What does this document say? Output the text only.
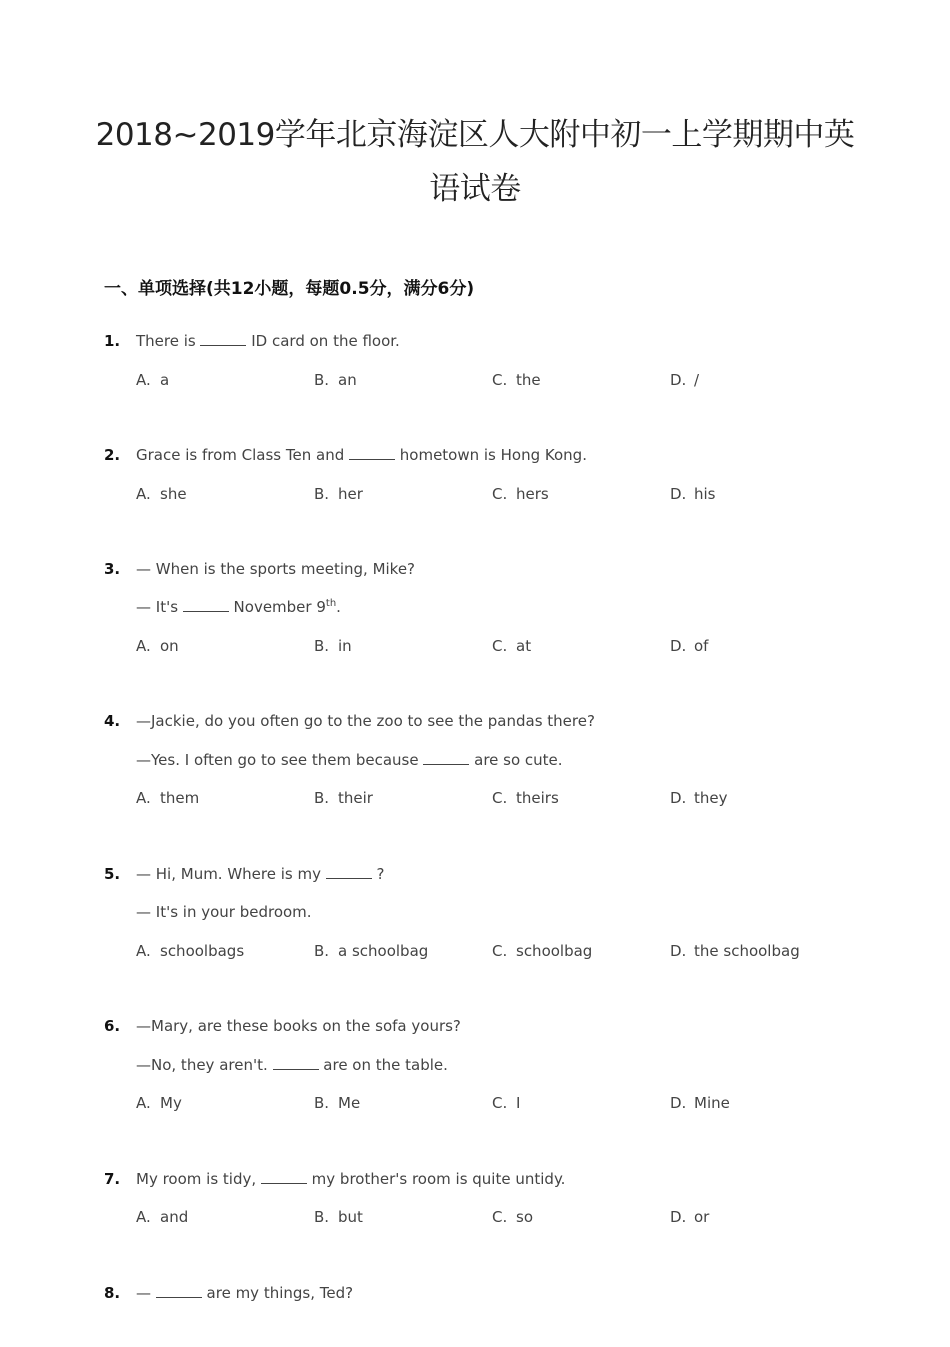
2018~2019学年北京海淀区人大附中初一上学期期中英
语试卷
一、单项选择(共12小题，每题0.5分，满分6分)
1. There is	ID card on the floor.
A. a	B. an	C. the	D. /
2. Grace is from Class Ten and	hometown is Hong Kong.
A. she	B. her	C. hers	D. his
3. — When is the sports meeting, Mike?
— It's	November 9th.
A. on	B. in	C. at	D. of
4. —Jackie, do you often go to the zoo to see the pandas there?
—Yes. I often go to see them because	are so cute.
A. them	B. their	C. theirs	D. they
5. — Hi, Mum. Where is my	?
— It's in your bedroom.
A. schoolbags	B. a schoolbag	C. schoolbag	D. the schoolbag
6. —Mary, are these books on the sofa yours?
—No, they aren't.	are on the table.
A. My	B. Me	C. I	D. Mine
7. My room is tidy,	my brother's room is quite untidy.
A. and	B. but	C. so	D. or
8. —	are my things, Ted?
